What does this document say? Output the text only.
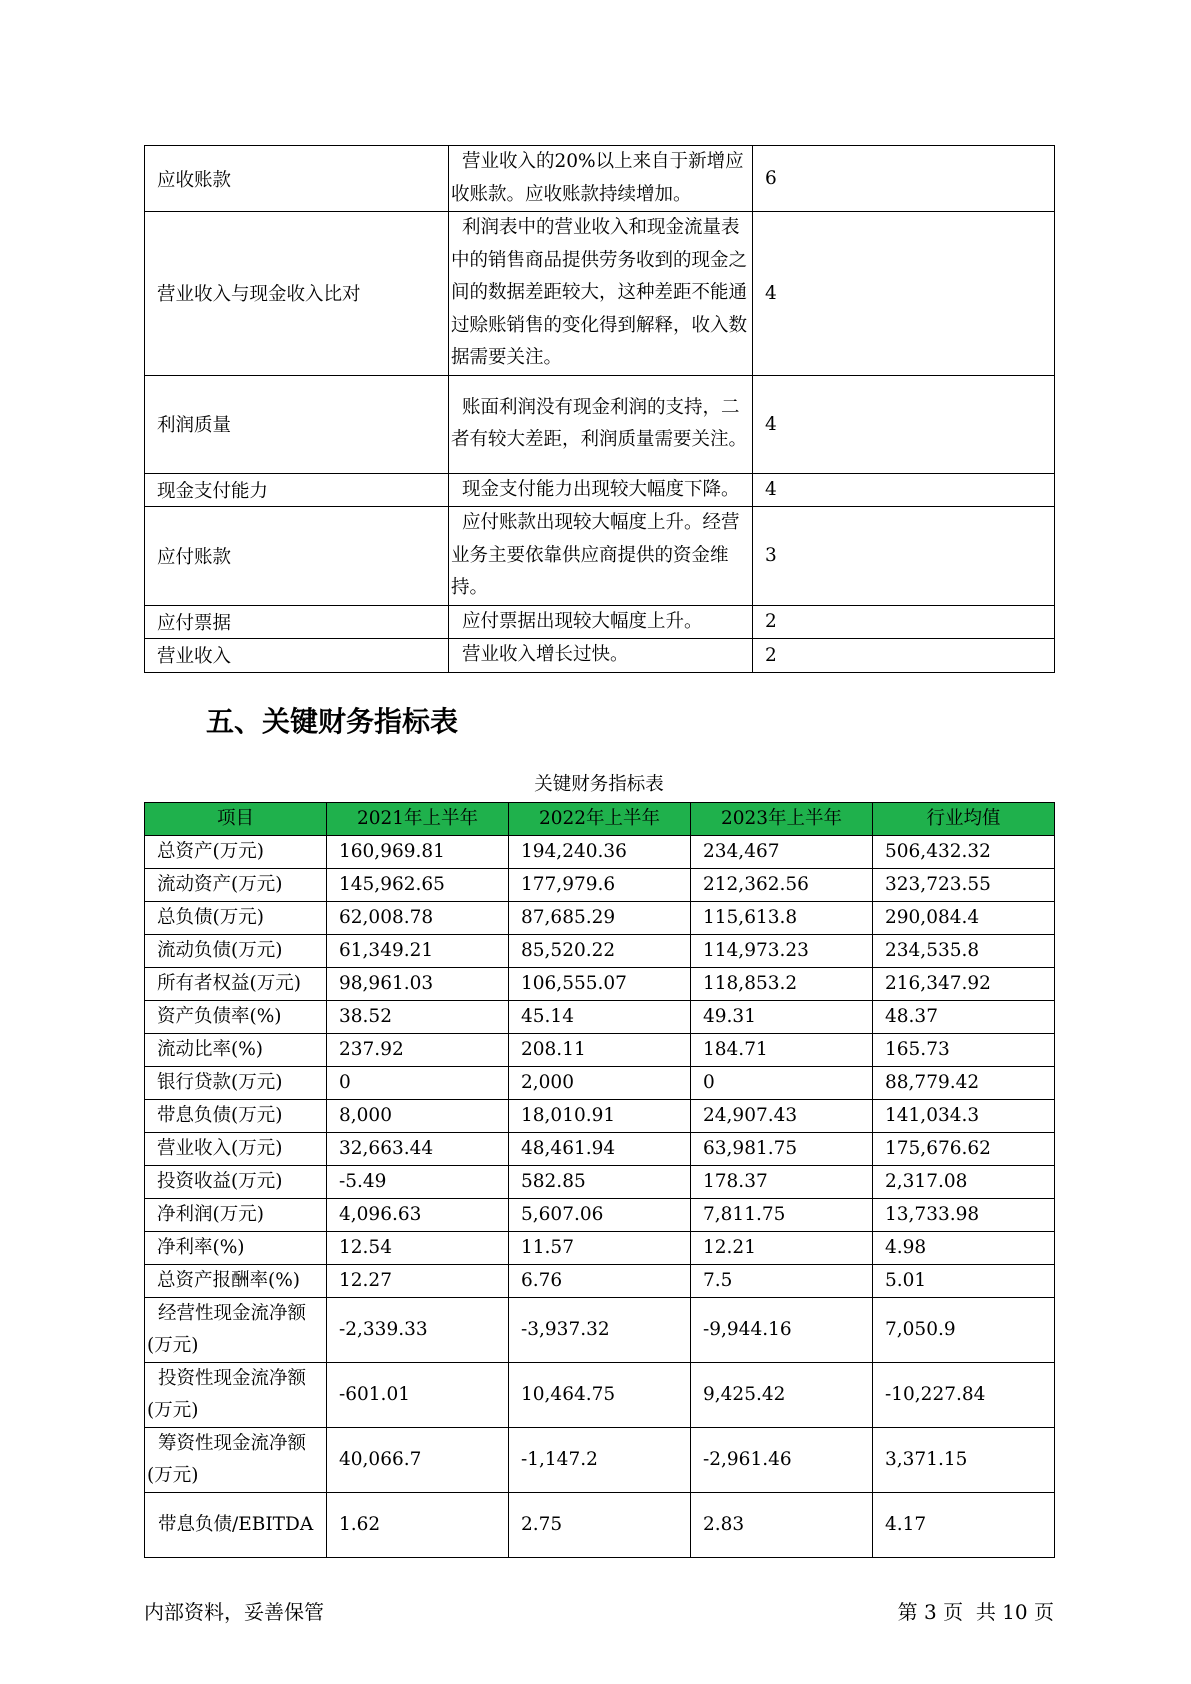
应收账款	营业收入的20%以上来自于新增应收账款。应收账款持续增加。	6
营业收入与现金收入比对	利润表中的营业收入和现金流量表中的销售商品提供劳务收到的现金之间的数据差距较大，这种差距不能通过赊账销售的变化得到解释，收入数据需要关注。	4
利润质量	账面利润没有现金利润的支持，二者有较大差距，利润质量需要关注。	4
现金支付能力	现金支付能力出现较大幅度下降。	4
应付账款	应付账款出现较大幅度上升。经营业务主要依靠供应商提供的资金维持。	3
应付票据	应付票据出现较大幅度上升。	2
营业收入	营业收入增长过快。	2
五、关键财务指标表
关键财务指标表
项目	2021年上半年	2022年上半年	2023年上半年	行业均值
总资产(万元)	160,969.81	194,240.36	234,467	506,432.32
流动资产(万元)	145,962.65	177,979.6	212,362.56	323,723.55
总负债(万元)	62,008.78	87,685.29	115,613.8	290,084.4
流动负债(万元)	61,349.21	85,520.22	114,973.23	234,535.8
所有者权益(万元)	98,961.03	106,555.07	118,853.2	216,347.92
资产负债率(%)	38.52	45.14	49.31	48.37
流动比率(%)	237.92	208.11	184.71	165.73
银行贷款(万元)	0	2,000	0	88,779.42
带息负债(万元)	8,000	18,010.91	24,907.43	141,034.3
营业收入(万元)	32,663.44	48,461.94	63,981.75	175,676.62
投资收益(万元)	-5.49	582.85	178.37	2,317.08
净利润(万元)	4,096.63	5,607.06	7,811.75	13,733.98
净利率(%)	12.54	11.57	12.21	4.98
总资产报酬率(%)	12.27	6.76	7.5	5.01
经营性现金流净额(万元)	-2,339.33	-3,937.32	-9,944.16	7,050.9
投资性现金流净额(万元)	-601.01	10,464.75	9,425.42	-10,227.84
筹资性现金流净额(万元)	40,066.7	-1,147.2	-2,961.46	3,371.15
带息负债/EBITDA	1.62	2.75	2.83	4.17
内部资料，妥善保管	第 3 页  共 10 页
